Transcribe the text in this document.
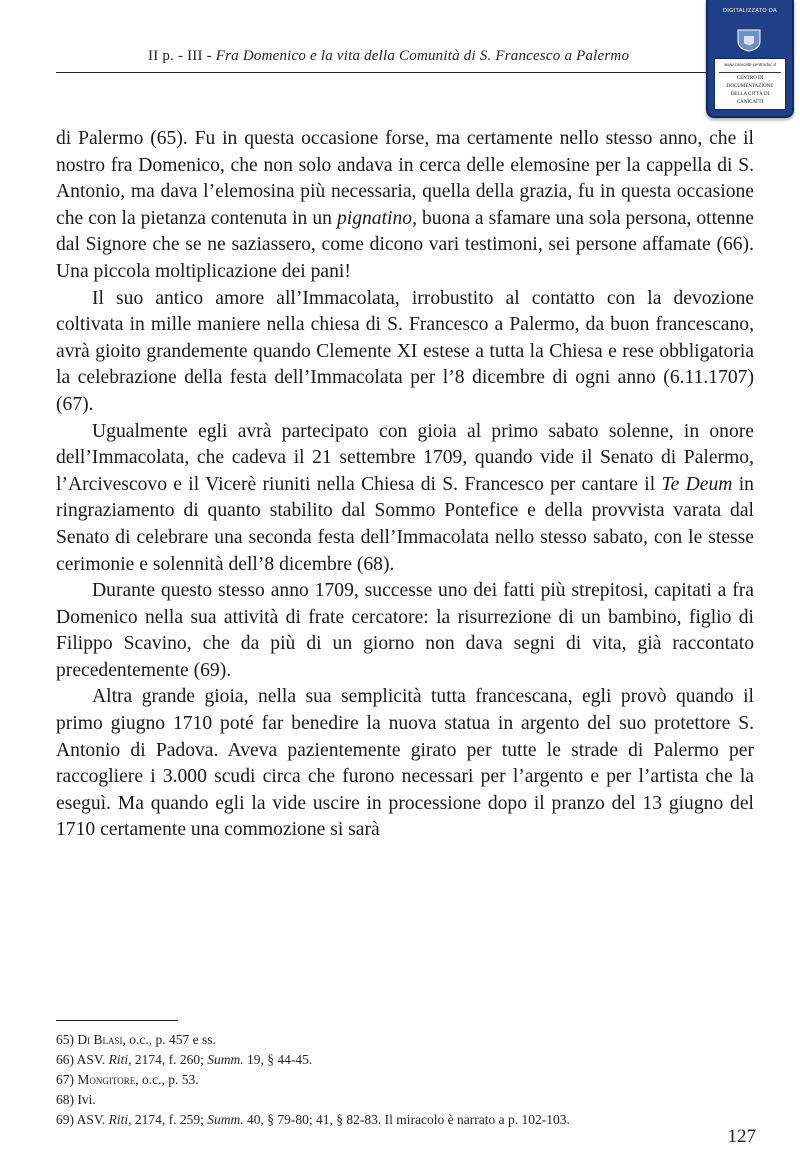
II p. - III - Fra Domenico e la vita della Comunità di S. Francesco a Palermo
DIGITALIZZATO DA
www.canicatti-centrodoc.it
CENTRO DI DOCUMENTAZIONE
DELLA CITTÀ DI CANICATTÌ

di Palermo (65). Fu in questa occasione forse, ma certamente nello stesso anno, che il nostro fra Domenico, che non solo andava in cerca delle elemosine per la cappella di S. Antonio, ma dava l’elemosina più necessaria, quella della grazia, fu in questa occasione che con la pietanza contenuta in un pignatino, buona a sfamare una sola persona, ottenne dal Signore che se ne saziassero, come dicono vari testimoni, sei persone affamate (66). Una piccola moltiplicazione dei pani!

Il suo antico amore all’Immacolata, irrobustito al contatto con la devozione coltivata in mille maniere nella chiesa di S. Francesco a Palermo, da buon francescano, avrà gioito grandemente quando Clemente XI estese a tutta la Chiesa e rese obbligatoria la celebrazione della festa dell’Immacolata per l’8 dicembre di ogni anno (6.11.1707) (67).

Ugualmente egli avrà partecipato con gioia al primo sabato solenne, in onore dell’Immacolata, che cadeva il 21 settembre 1709, quando vide il Senato di Palermo, l’Arcivescovo e il Vicerè riuniti nella Chiesa di S. Francesco per cantare il Te Deum in ringraziamento di quanto stabilito dal Sommo Pontefice e della provvista varata dal Senato di celebrare una seconda festa dell’Immacolata nello stesso sabato, con le stesse cerimonie e solennità dell’8 dicembre (68).

Durante questo stesso anno 1709, successe uno dei fatti più strepitosi, capitati a fra Domenico nella sua attività di frate cercatore: la risurrezione di un bambino, figlio di Filippo Scavino, che da più di un giorno non dava segni di vita, già raccontato precedentemente (69).

Altra grande gioia, nella sua semplicità tutta francescana, egli provò quando il primo giugno 1710 poté far benedire la nuova statua in argento del suo protettore S. Antonio di Padova. Aveva pazientemente girato per tutte le strade di Palermo per raccogliere i 3.000 scudi circa che furono necessari per l’argento e per l’artista che la eseguì. Ma quando egli la vide uscire in processione dopo il pranzo del 13 giugno del 1710 certamente una commozione si sarà

65) Di Blasi, o.c., p. 457 e ss.
66) ASV. Riti, 2174, f. 260; Summ. 19, § 44-45.
67) Mongitore, o.c., p. 53.
68) Ivi.
69) ASV. Riti, 2174, f. 259; Summ. 40, § 79-80; 41, § 82-83. Il miracolo è narrato a p. 102-103.
127
